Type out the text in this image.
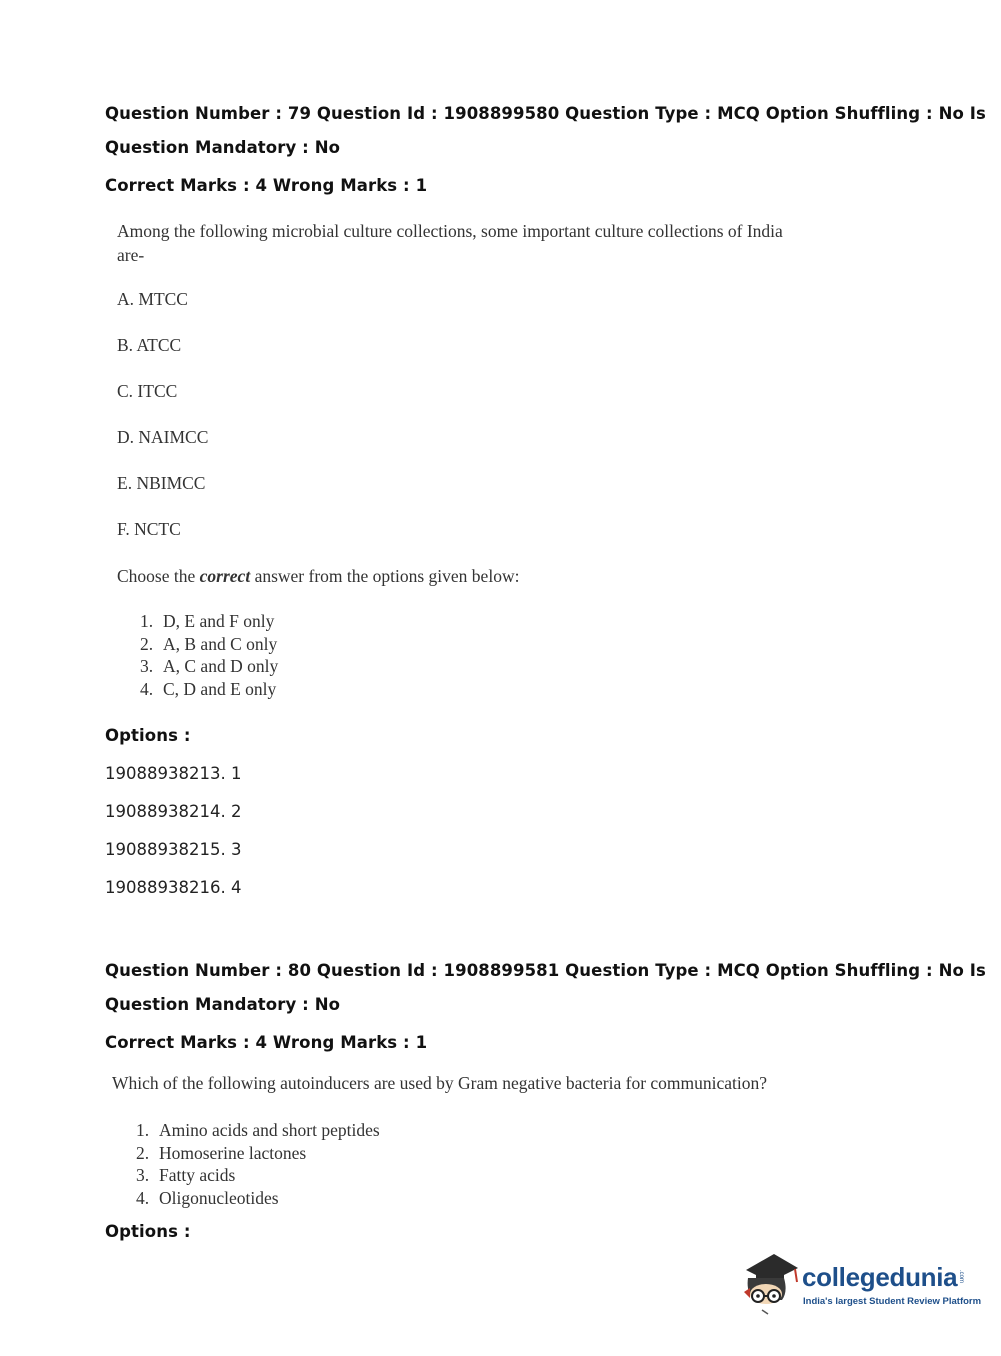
Question Number : 79 Question Id : 1908899580 Question Type : MCQ Option Shuffling : No Is
Question Mandatory : No
Correct Marks : 4 Wrong Marks : 1
Among the following microbial culture collections, some important culture collections of India
are-
A. MTCC
B. ATCC
C. ITCC
D. NAIMCC
E. NBIMCC
F. NCTC
Choose the correct answer from the options given below:
1. D, E and F only
2. A, B and C only
3. A, C and D only
4. C, D and E only
Options :
19088938213. 1
19088938214. 2
19088938215. 3
19088938216. 4
Question Number : 80 Question Id : 1908899581 Question Type : MCQ Option Shuffling : No Is
Question Mandatory : No
Correct Marks : 4 Wrong Marks : 1
Which of the following autoinducers are used by Gram negative bacteria for communication?
1. Amino acids and short peptides
2. Homoserine lactones
3. Fatty acids
4. Oligonucleotides
Options :
collegedunia .com
India's largest Student Review Platform
